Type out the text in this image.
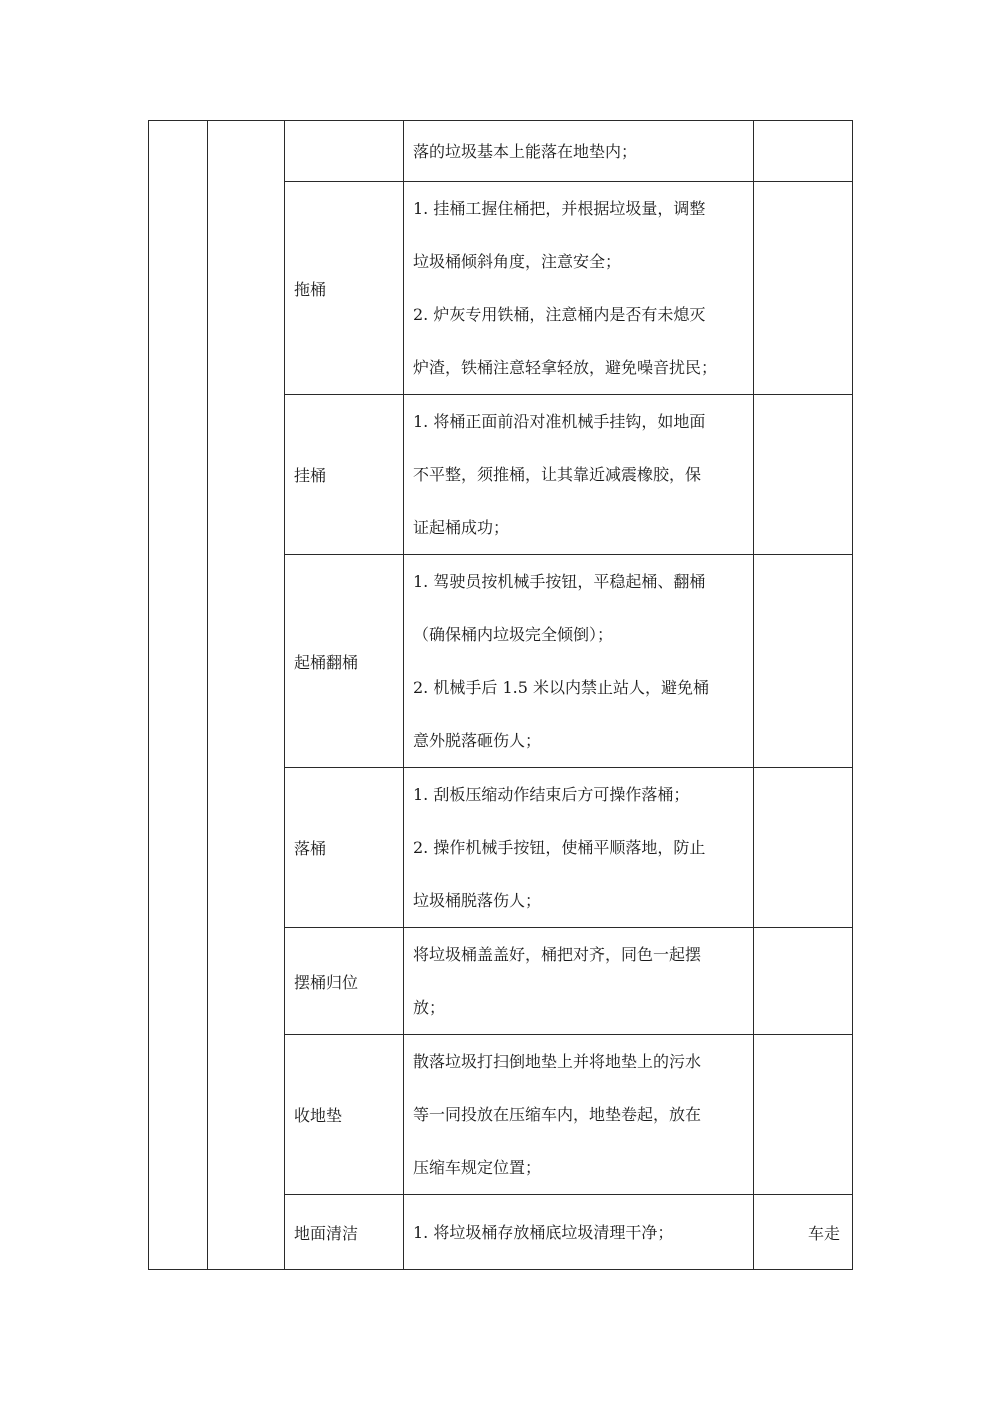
			落的垃圾基本上能落在地垫内；	

		拖桶	1. 挂桶工握住桶把，并根据垃圾量，调整
垃圾桶倾斜角度，注意安全；
2. 炉灰专用铁桶，注意桶内是否有未熄灭
炉渣，铁桶注意轻拿轻放，避免噪音扰民；	

		挂桶	1. 将桶正面前沿对准机械手挂钩，如地面
不平整，须推桶，让其靠近减震橡胶，保
证起桶成功；	

		起桶翻桶	1. 驾驶员按机械手按钮，平稳起桶、翻桶
（确保桶内垃圾完全倾倒）；
2. 机械手后 1.5 米以内禁止站人，避免桶
意外脱落砸伤人；	

		落桶	1. 刮板压缩动作结束后方可操作落桶；
2. 操作机械手按钮，使桶平顺落地，防止
垃圾桶脱落伤人；	

		摆桶归位	将垃圾桶盖盖好，桶把对齐，同色一起摆
放；	

		收地垫	散落垃圾打扫倒地垫上并将地垫上的污水
等一同投放在压缩车内，地垫卷起，放在
压缩车规定位置；	

		地面清洁	1. 将垃圾桶存放桶底垃圾清理干净；	车走
